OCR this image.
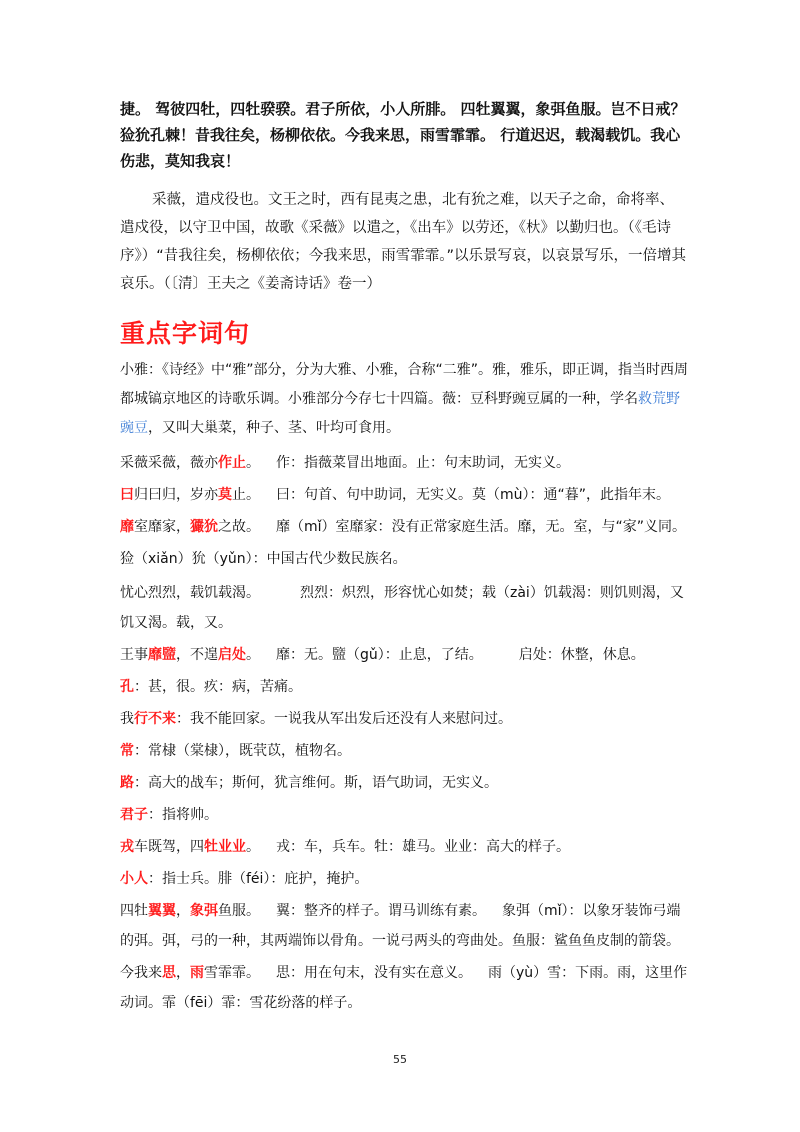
捷。 驾彼四牡，四牡骙骙。君子所依，小人所腓。 四牡翼翼，象弭鱼服。岂不日戒？猃狁孔棘！昔我往矣，杨柳依依。今我来思，雨雪霏霏。 行道迟迟，载渴载饥。我心伤悲，莫知我哀！

采薇，遣戍役也。文王之时，西有昆夷之患，北有狁之难，以天子之命，命将率、遣戍役，以守卫中国，故歌《采薇》以遣之，《出车》以劳还，《杕》以勤归也。（《毛诗序》）“昔我往矣，杨柳依依；今我来思，雨雪霏霏。”以乐景写哀，以哀景写乐，一倍增其哀乐。（〔清〕王夫之《姜斋诗话》卷一）

重点字词句
小雅：《诗经》中“雅”部分，分为大雅、小雅，合称“二雅”。雅，雅乐，即正调，指当时西周都城镐京地区的诗歌乐调。小雅部分今存七十四篇。薇：豆科野豌豆属的一种，学名救荒野豌豆，又叫大巢菜，种子、茎、叶均可食用。
采薇采薇，薇亦作止。 作：指薇菜冒出地面。止：句末助词，无实义。
曰归曰归，岁亦莫止。 曰：句首、句中助词，无实义。莫（mù）：通“暮”，此指年末。
靡室靡家，玁狁之故。 靡（mǐ）室靡家：没有正常家庭生活。靡，无。室，与“家”义同。
猃（xiǎn）狁（yǔn）：中国古代少数民族名。
忧心烈烈，载饥载渴。	烈烈：炽烈，形容忧心如焚；载（zài）饥载渴：则饥则渴，又饥又渴。载，又。
王事靡盬，不遑启处。 靡：无。盬（gǔ）：止息，了结。	启处：休整，休息。
孔：甚，很。疚：病，苦痛。
我行不来：我不能回家。一说我从军出发后还没有人来慰问过。
常：常棣（棠棣），既茕苡，植物名。
路：高大的战车；斯何，犹言维何。斯，语气助词，无实义。
君子：指将帅。
戎车既驾，四牡业业。 戎：车，兵车。牡：雄马。业业：高大的样子。
小人：指士兵。腓（féi）：庇护，掩护。
四牡翼翼，象弭鱼服。 翼：整齐的样子。谓马训练有素。 象弭（mǐ）：以象牙装饰弓端的弭。弭，弓的一种，其两端饰以骨角。一说弓两头的弯曲处。鱼服：鲨鱼鱼皮制的箭袋。
今我来思，雨雪霏霏。 思：用在句末，没有实在意义。 雨（yù）雪：下雨。雨，这里作动词。霏（fēi）霏：雪花纷落的样子。
55
